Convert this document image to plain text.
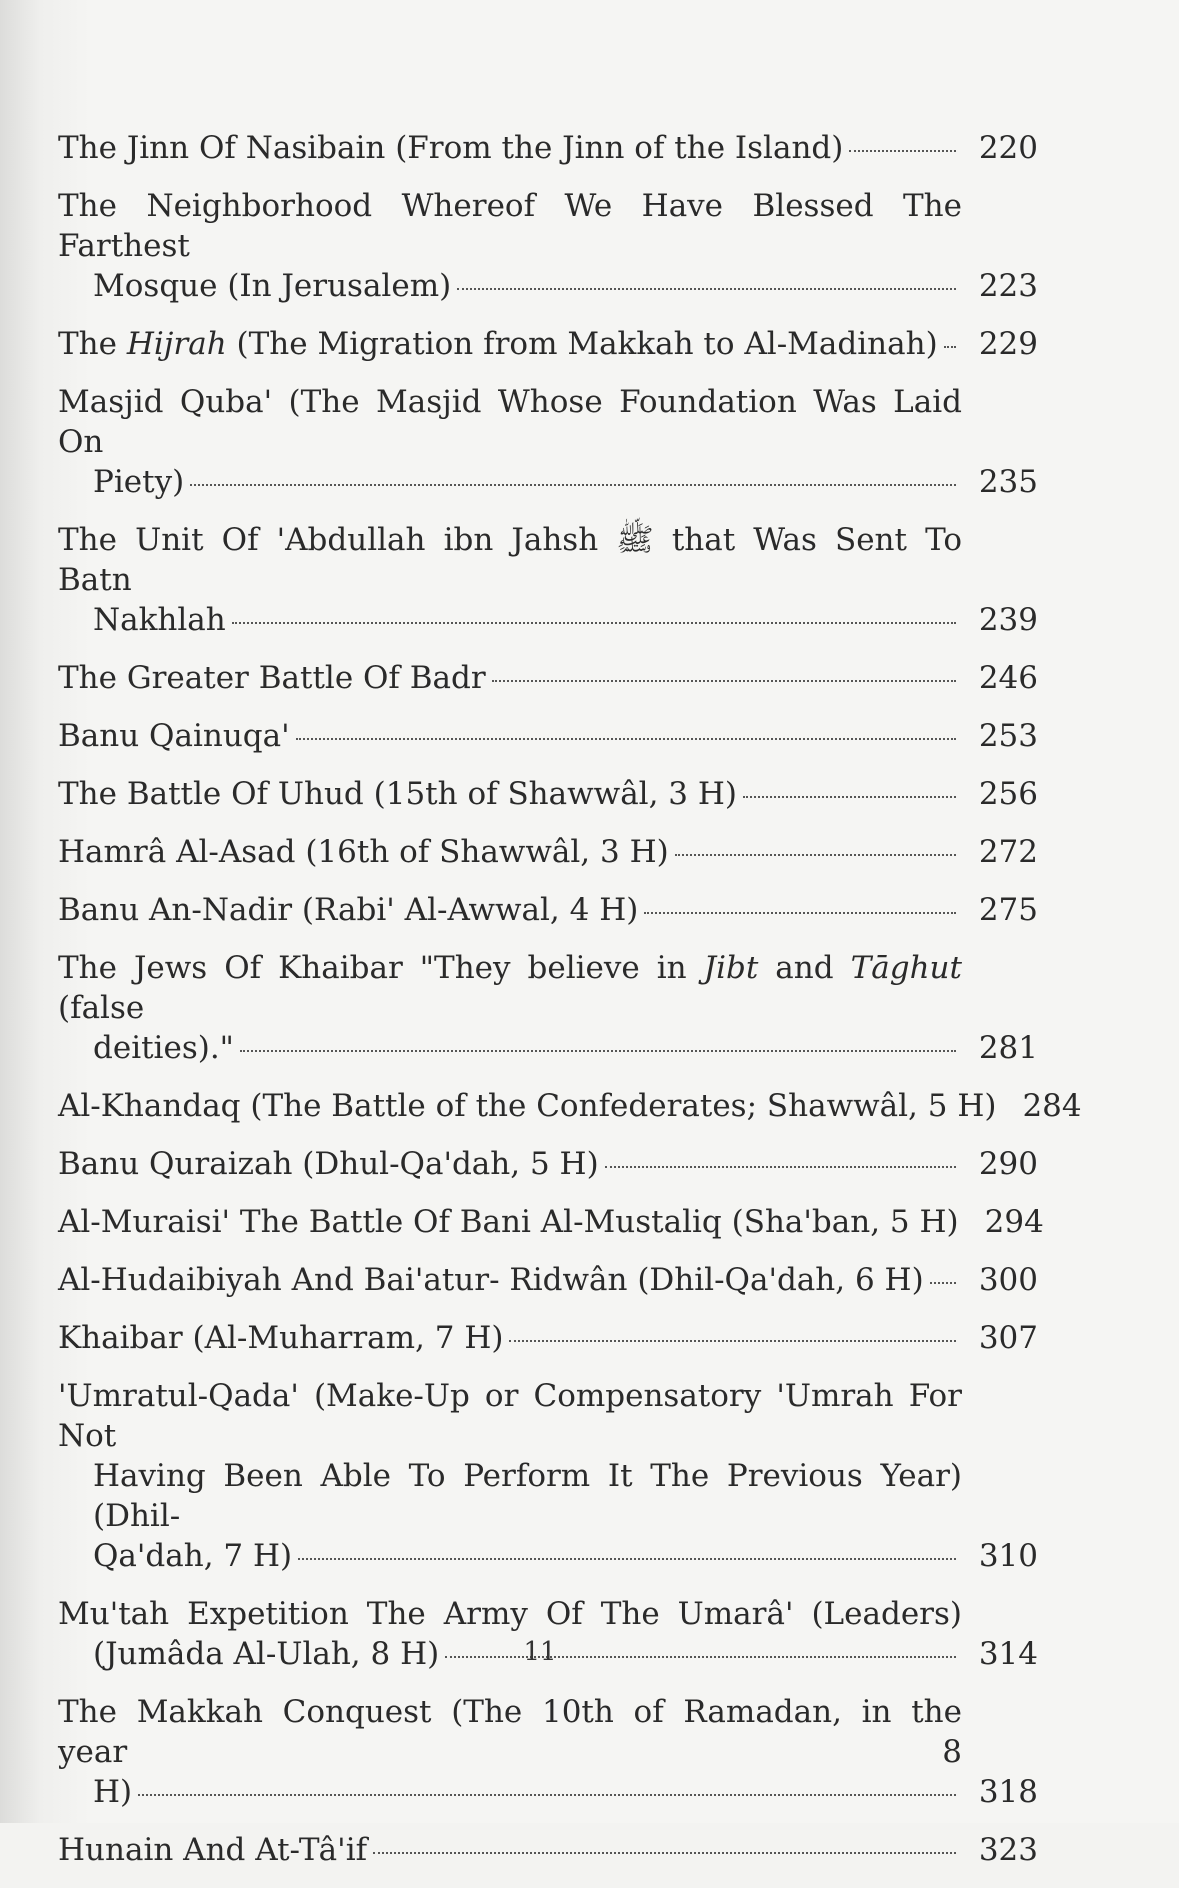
The Jinn Of Nasibain (From the Jinn of the Island)	220
The Neighborhood Whereof We Have Blessed The Farthest
Mosque (In Jerusalem)	223
The Hijrah (The Migration from Makkah to Al-Madinah) 229
Masjid Quba' (The Masjid Whose Foundation Was Laid On
Piety)	235
The Unit Of 'Abdullah ibn Jahsh ﷺ that Was Sent To Batn
Nakhlah	239
The Greater Battle Of Badr	246
Banu Qainuqa'	253
The Battle Of Uhud (15th of Shawwâl, 3 H)	256
Hamrâ Al-Asad (16th of Shawwâl, 3 H)	272
Banu An-Nadir (Rabi' Al-Awwal, 4 H)	275
The Jews Of Khaibar "They believe in Jibt and Tāghut (false
deities)."	281
Al-Khandaq (The Battle of the Confederates; Shawwâl, 5 H) 284
Banu Quraizah (Dhul-Qa'dah, 5 H)	290
Al-Muraisi' The Battle Of Bani Al-Mustaliq (Sha'ban, 5 H) 294
Al-Hudaibiyah And Bai'atur- Ridwân (Dhil-Qa'dah, 6 H) 300
Khaibar (Al-Muharram, 7 H)	307
'Umratul-Qada' (Make-Up or Compensatory 'Umrah For Not
Having Been Able To Perform It The Previous Year) (Dhil-
Qa'dah, 7 H)	310
Mu'tah Expetition The Army Of The Umarâ' (Leaders)
(Jumâda Al-Ulah, 8 H)	314
The Makkah Conquest (The 10th of Ramadan, in the year 8
H)	318
Hunain And At-Tâ'if	323
11
